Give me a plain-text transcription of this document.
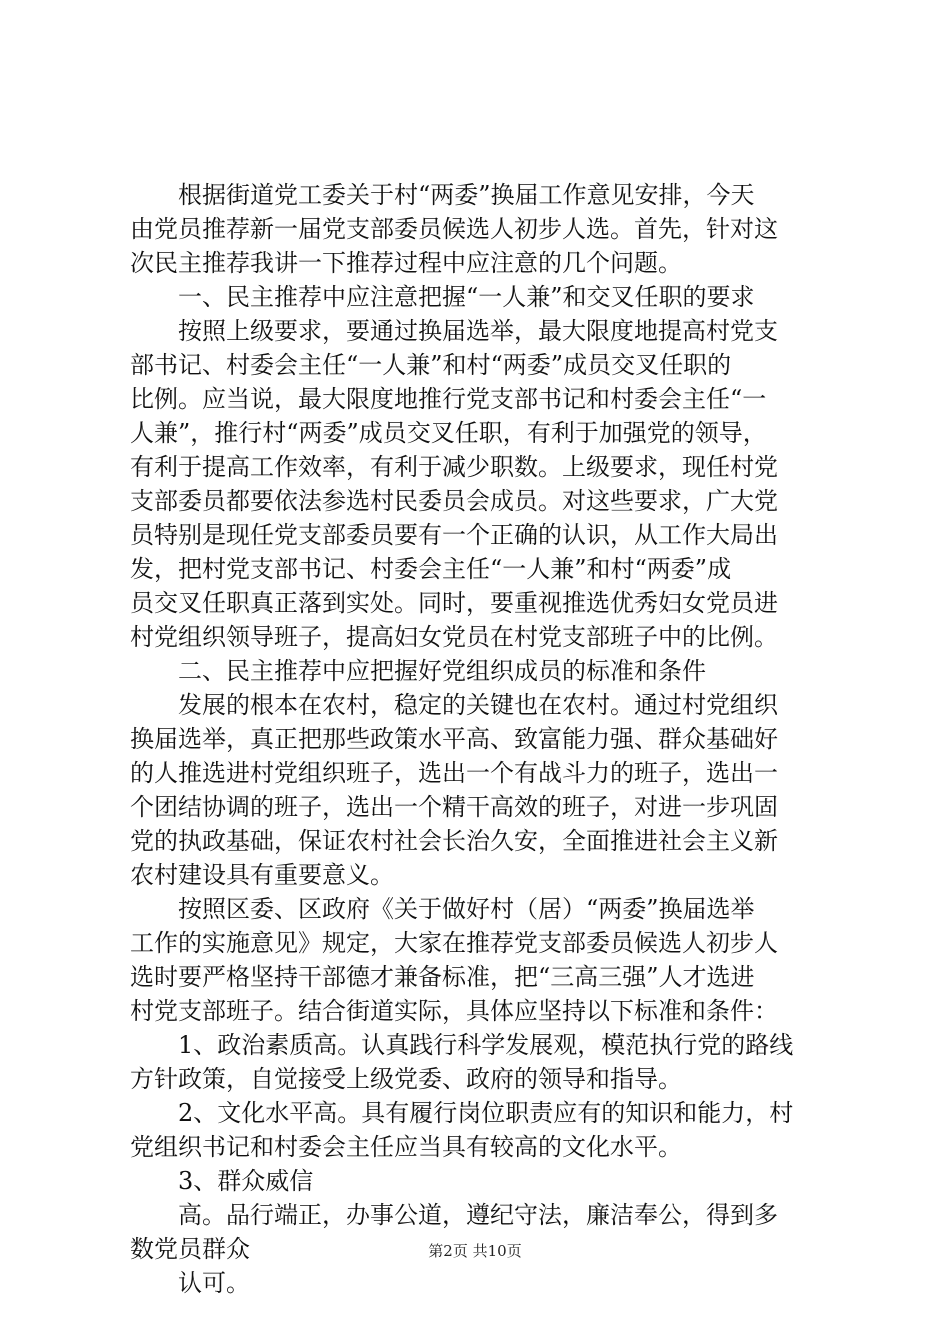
根据街道党工委关于村“两委”换届工作意见安排，今天
由党员推荐新一届党支部委员候选人初步人选。首先，针对这
次民主推荐我讲一下推荐过程中应注意的几个问题。
一、民主推荐中应注意把握“一人兼”和交叉任职的要求
按照上级要求，要通过换届选举，最大限度地提高村党支
部书记、村委会主任“一人兼”和村“两委”成员交叉任职的
比例。应当说，最大限度地推行党支部书记和村委会主任“一
人兼”，推行村“两委”成员交叉任职，有利于加强党的领导，
有利于提高工作效率，有利于减少职数。上级要求，现任村党
支部委员都要依法参选村民委员会成员。对这些要求，广大党
员特别是现任党支部委员要有一个正确的认识，从工作大局出
发，把村党支部书记、村委会主任“一人兼”和村“两委”成
员交叉任职真正落到实处。同时，要重视推选优秀妇女党员进
村党组织领导班子，提高妇女党员在村党支部班子中的比例。
二、民主推荐中应把握好党组织成员的标准和条件
发展的根本在农村，稳定的关键也在农村。通过村党组织
换届选举，真正把那些政策水平高、致富能力强、群众基础好
的人推选进村党组织班子，选出一个有战斗力的班子，选出一
个团结协调的班子，选出一个精干高效的班子，对进一步巩固
党的执政基础，保证农村社会长治久安，全面推进社会主义新
农村建设具有重要意义。
按照区委、区政府《关于做好村（居）“两委”换届选举
工作的实施意见》规定，大家在推荐党支部委员候选人初步人
选时要严格坚持干部德才兼备标准，把“三高三强”人才选进
村党支部班子。结合街道实际，具体应坚持以下标准和条件：
1、政治素质高。认真践行科学发展观，模范执行党的路线
方针政策，自觉接受上级党委、政府的领导和指导。
2、文化水平高。具有履行岗位职责应有的知识和能力，村
党组织书记和村委会主任应当具有较高的文化水平。
3、群众威信
高。品行端正，办事公道，遵纪守法，廉洁奉公，得到多
数党员群众
认可。
第2页 共10页
